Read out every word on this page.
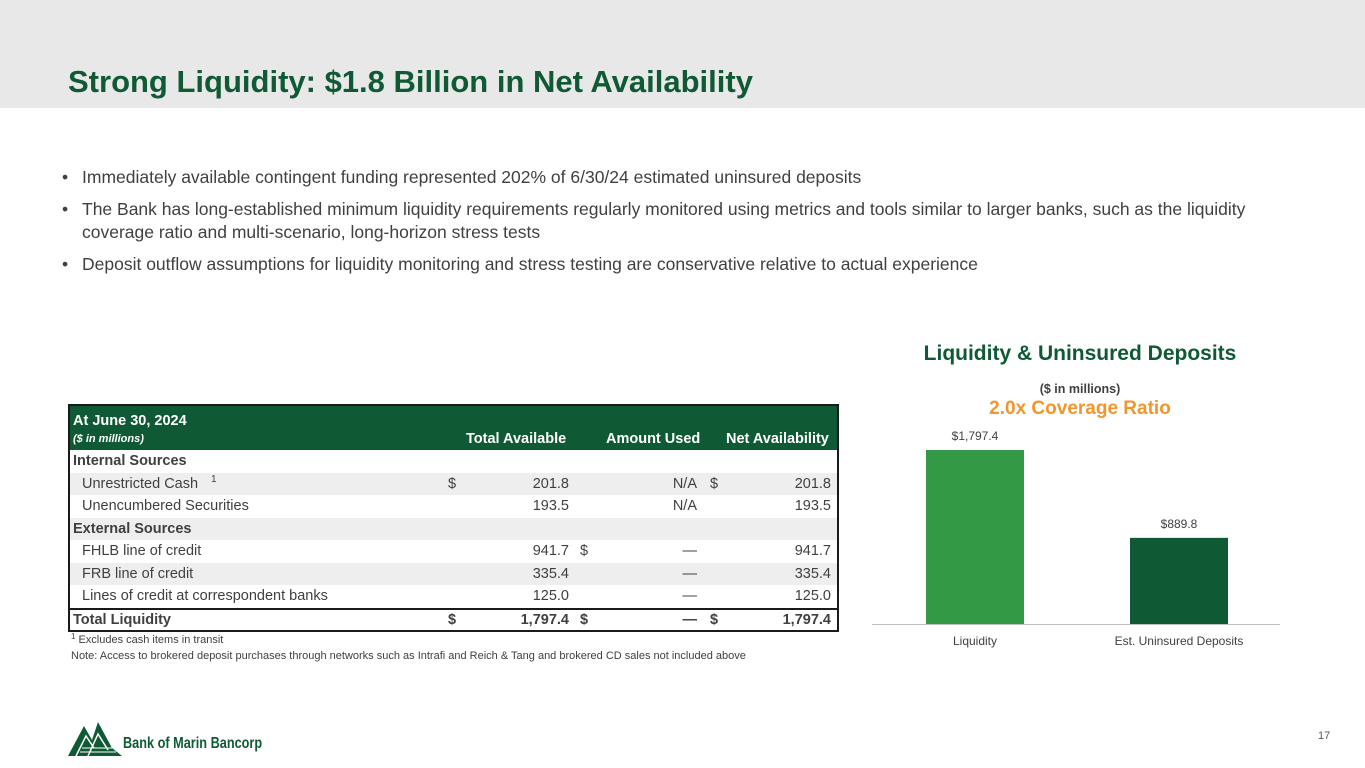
Strong Liquidity: $1.8 Billion in Net Availability
• Immediately available contingent funding represented 202% of 6/30/24 estimated uninsured deposits
• The Bank has long-established minimum liquidity requirements regularly monitored using metrics and tools similar to larger banks, such as the liquidity coverage ratio and multi-scenario, long-horizon stress tests
• Deposit outflow assumptions for liquidity monitoring and stress testing are conservative relative to actual experience
At June 30, 2024
($ in millions)	Total Available	Amount Used Net Availability
Internal Sources
Unrestricted Cash 1	$	201.8	N/A $	201.8
Unencumbered Securities	193.5	N/A	193.5
External Sources
FHLB line of credit	941.7 $	—	941.7
FRB line of credit	335.4	—	335.4
Lines of credit at correspondent banks	125.0	—	125.0
Total Liquidity	$	1,797.4 $	— $	1,797.4
$^1$ Excludes cash items in transit
Note: Access to brokered deposit purchases through networks such as Intrafi and Reich & Tang and brokered CD sales not included above
Liquidity & Uninsured Deposits
($ in millions)
2.0x Coverage Ratio
$1,797.4
Liquidity
$889.8
Est. Uninsured Deposits
Bank of Marin Bancorp	17
